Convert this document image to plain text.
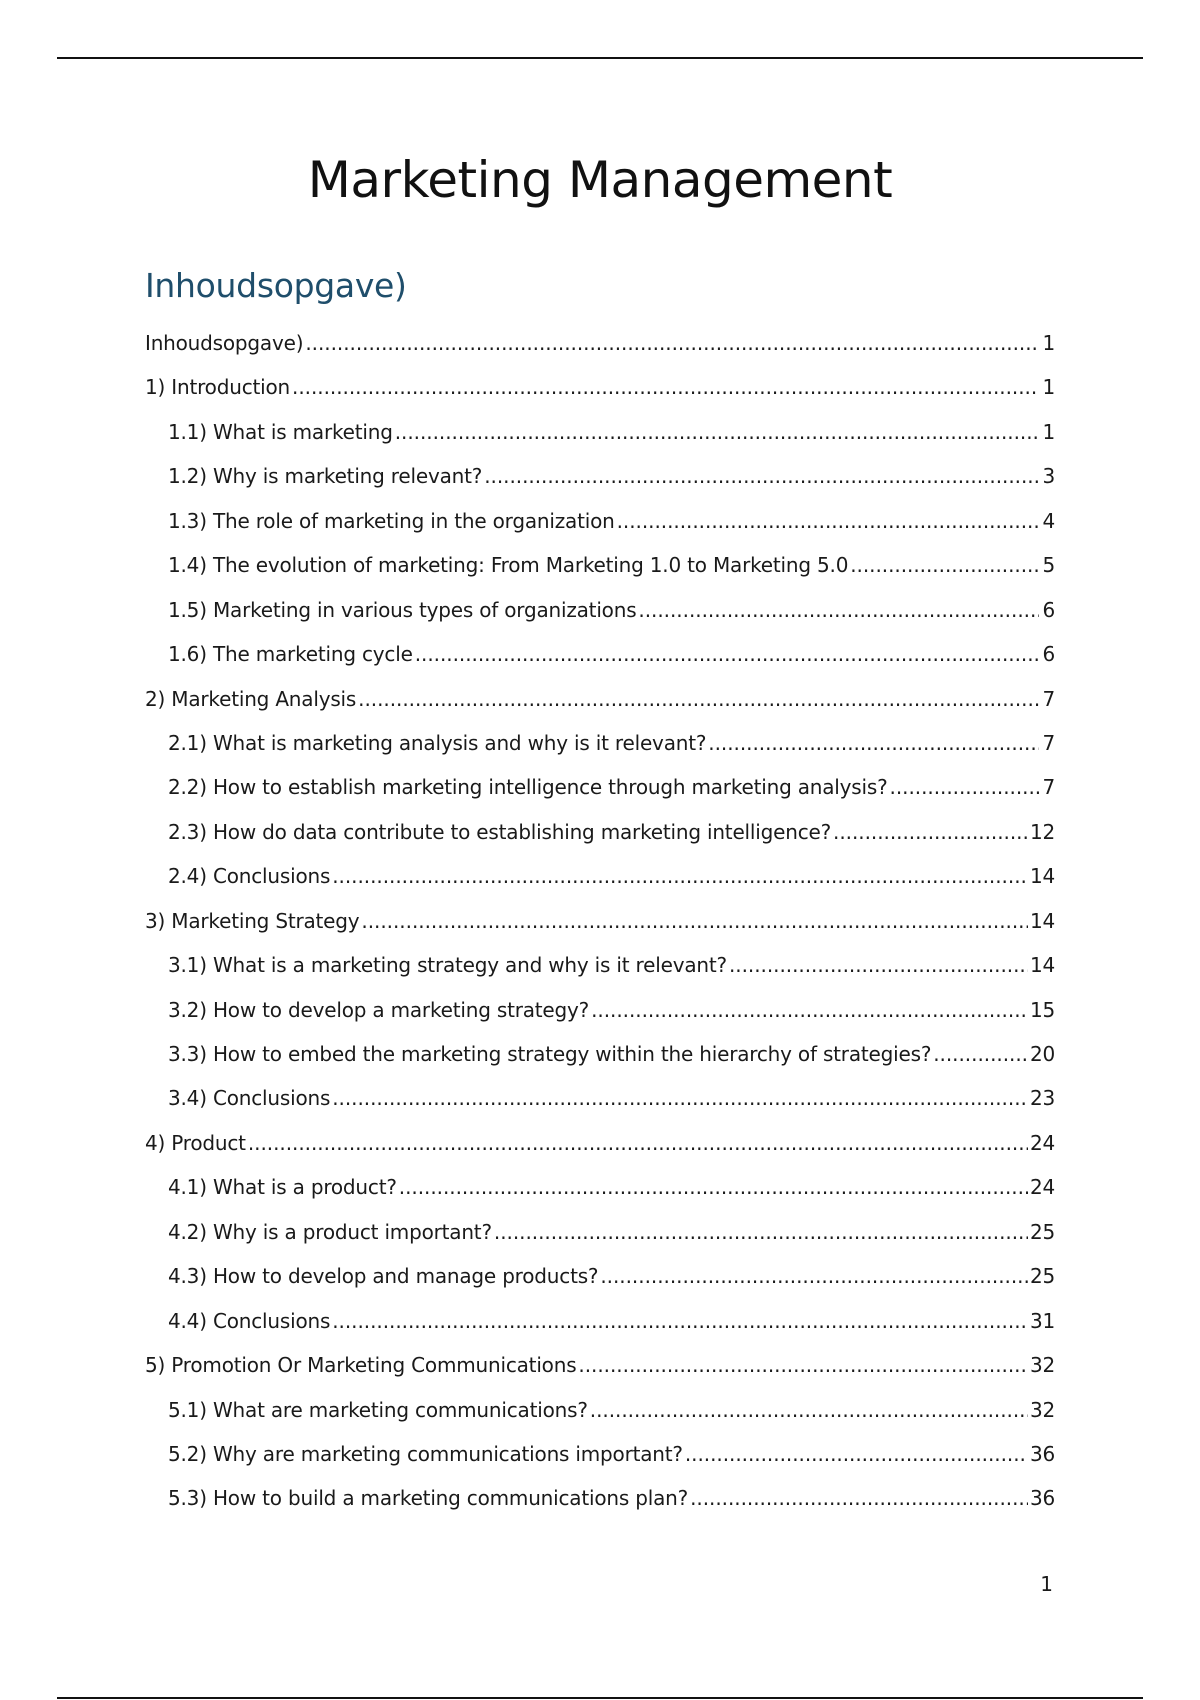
Marketing Management
Inhoudsopgave)
Inhoudsopgave) . . .	1
1) Introduction . . .	1
1.1) What is marketing . . .	1
1.2) Why is marketing relevant? . . .	3
1.3) The role of marketing in the organization . . .	4
1.4) The evolution of marketing: From Marketing 1.0 to Marketing 5.0 . . .	5
1.5) Marketing in various types of organizations . . .	6
1.6) The marketing cycle . . .	6
2) Marketing Analysis . . .	7
2.1) What is marketing analysis and why is it relevant? . . .	7
2.2) How to establish marketing intelligence through marketing analysis? . . .	7
2.3) How do data contribute to establishing marketing intelligence? . . .	12
2.4) Conclusions . . .	14
3) Marketing Strategy . . .	14
3.1) What is a marketing strategy and why is it relevant? . . .	14
3.2) How to develop a marketing strategy? . . .	15
3.3) How to embed the marketing strategy within the hierarchy of strategies? . . .	20
3.4) Conclusions . . .	23
4) Product . . .	24
4.1) What is a product? . . .	24
4.2) Why is a product important? . . .	25
4.3) How to develop and manage products? . . .	25
4.4) Conclusions . . .	31
5) Promotion Or Marketing Communications . . .	32
5.1) What are marketing communications? . . .	32
5.2) Why are marketing communications important? . . .	36
5.3) How to build a marketing communications plan? . . .	36
1
